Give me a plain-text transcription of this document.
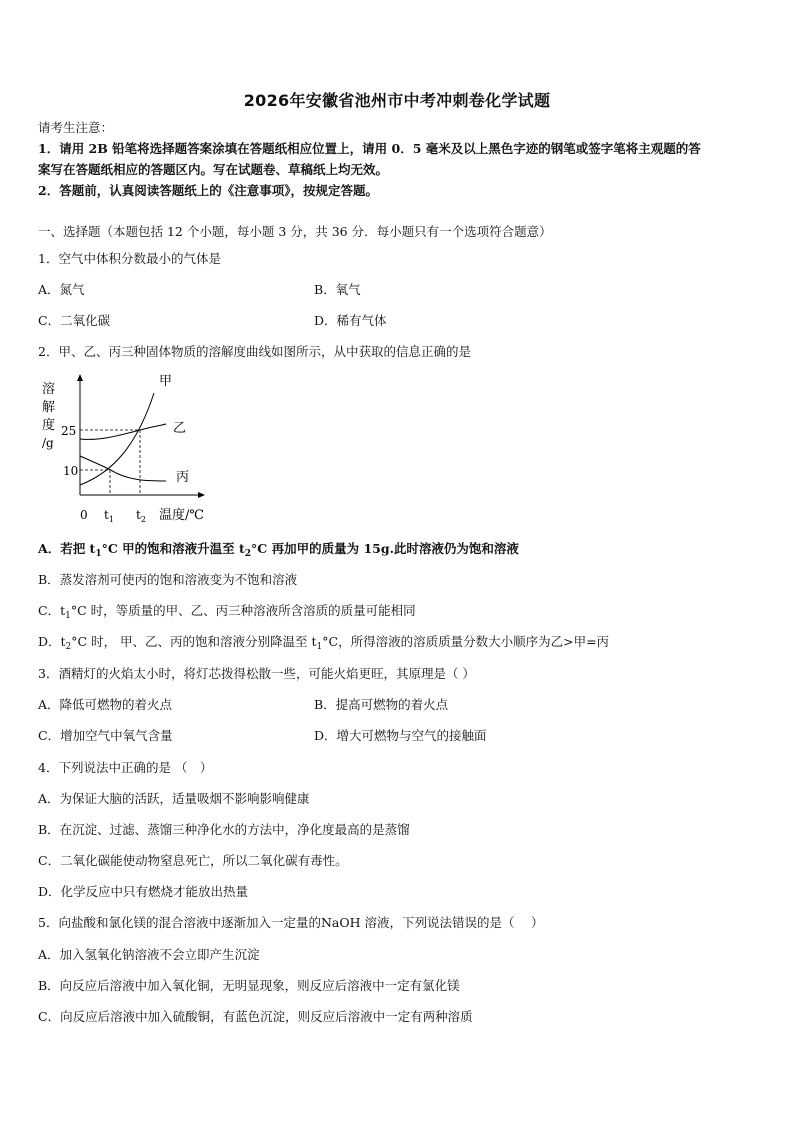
2026年安徽省池州市中考冲刺卷化学试题
请考生注意：
1．请用 2B 铅笔将选择题答案涂填在答题纸相应位置上，请用 0．5 毫米及以上黑色字迹的钢笔或签字笔将主观题的答
案写在答题纸相应的答题区内。写在试题卷、草稿纸上均无效。
2．答题前，认真阅读答题纸上的《注意事项》，按规定答题。
一、选择题（本题包括 12 个小题，每小题 3 分，共 36 分．每小题只有一个选项符合题意）
1．空气中体积分数最小的气体是
A．氮气	B．氧气
C．二氧化碳	D．稀有气体
2．甲、乙、丙三种固体物质的溶解度曲线如图所示，从中获取的信息正确的是
溶
解
度
/g
25
10
0 $t_1$ $t_2$ 温度/℃
甲
乙
丙
A．若把 $t_1^\circ C$ 甲的饱和溶液升温至 $t_2^\circ C$ 再加甲的质量为 15g.此时溶液仍为饱和溶液
B．蒸发溶剂可使丙的饱和溶液变为不饱和溶液
C．$t_1^\circ C$ 时，等质量的甲、乙、丙三种溶液所含溶质的质量可能相同
D．$t_2^\circ C$ 时， 甲、乙、丙的饱和溶液分别降温至 $t_1^\circ C$，所得溶液的溶质质量分数大小顺序为乙>甲=丙
3．酒精灯的火焰太小时，将灯芯拨得松散一些，可能火焰更旺，其原理是（ ）
A．降低可燃物的着火点	B．提高可燃物的着火点
C．增加空气中氧气含量	D．增大可燃物与空气的接触面
4．下列说法中正确的是 （　）
A．为保证大脑的活跃，适量吸烟不影响影响健康
B．在沉淀、过滤、蒸馏三种净化水的方法中，净化度最高的是蒸馏
C．二氧化碳能使动物窒息死亡，所以二氧化碳有毒性。
D．化学反应中只有燃烧才能放出热量
5．向盐酸和氯化镁的混合溶液中逐渐加入一定量的NaOH 溶液，下列说法错误的是（　 ）
A．加入氢氧化钠溶液不会立即产生沉淀
B．向反应后溶液中加入氧化铜，无明显现象，则反应后溶液中一定有氯化镁
C．向反应后溶液中加入硫酸铜，有蓝色沉淀，则反应后溶液中一定有两种溶质
